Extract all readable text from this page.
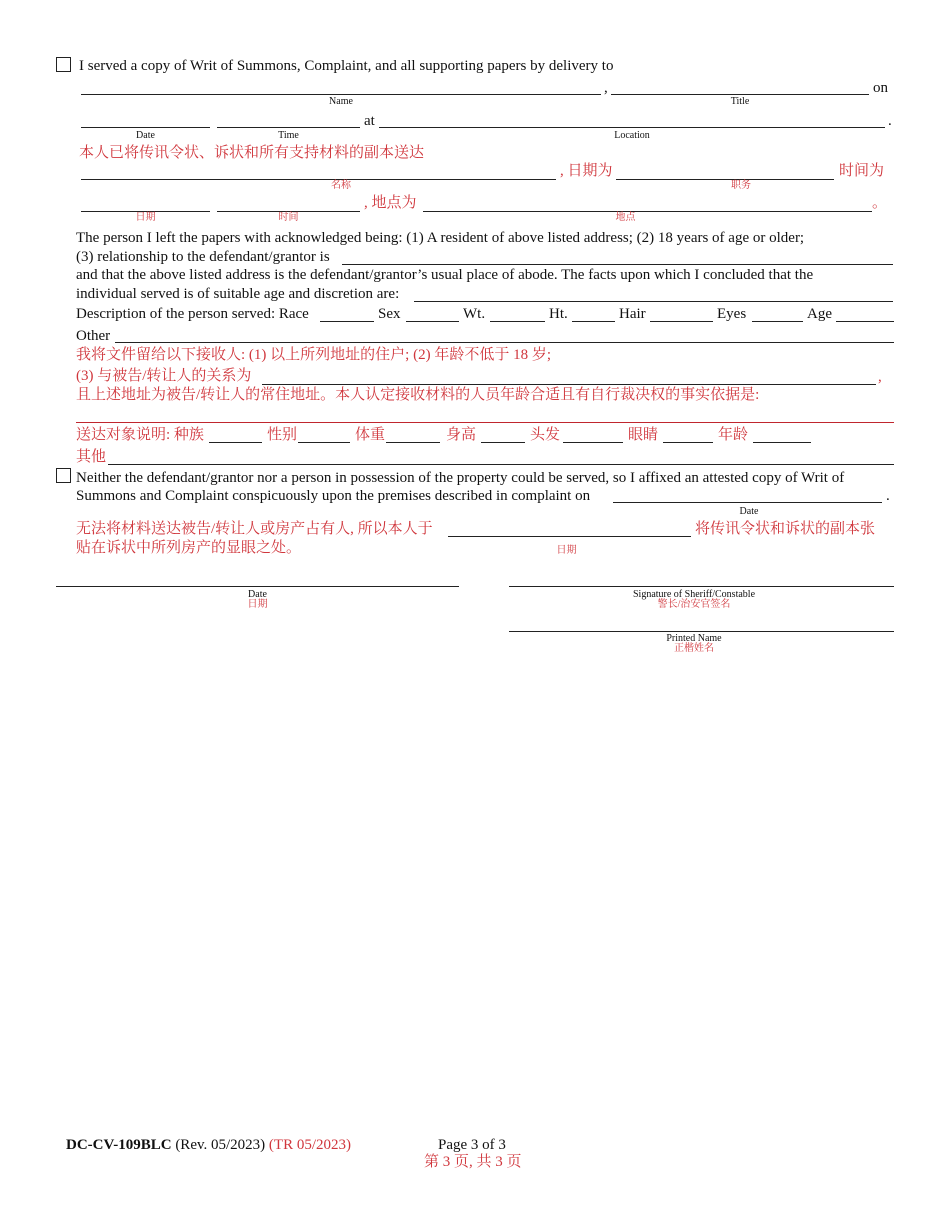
I served a copy of Writ of Summons, Complaint, and all supporting papers by delivery to
,	on
Name	Title
at	.
Date	Time	Location
本人已将传讯令状、诉状和所有支持材料的副本送达
, 日期为	时间为
名称	职务
, 地点为	。
日期	时间	地点
The person I left the papers with acknowledged being: (1) A resident of above listed address; (2) 18 years of age or older;
(3) relationship to the defendant/grantor is
and that the above listed address is the defendant/grantor’s usual place of abode. The facts upon which I concluded that the
individual served is of suitable age and discretion are:
Description of the person served: Race	Sex	Wt.	Ht.	Hair	Eyes	Age
Other
我将文件留给以下接收人: (1) 以上所列地址的住户; (2) 年龄不低于 18 岁;
(3) 与被告/转让人的关系为	,
且上述地址为被告/转让人的常住地址。本人认定接收材料的人员年龄合适且有自行裁决权的事实依据是:
送达对象说明: 种族	性别	体重	身高	头发	眼睛	年龄
其他
Neither the defendant/grantor nor a person in possession of the property could be served, so I affixed an attested copy of Writ of
Summons and Complaint conspicuously upon the premises described in complaint on	.
Date
无法将材料送达被告/转让人或房产占有人, 所以本人于	将传讯令状和诉状的副本张
贴在诉状中所列房产的显眼之处。	日期
Date
日期
Signature of Sheriff/Constable
警长/治安官签名
Printed Name
正楷姓名
DC-CV-109BLC (Rev. 05/2023) (TR 05/2023)	Page 3 of 3
第 3 页, 共 3 页
